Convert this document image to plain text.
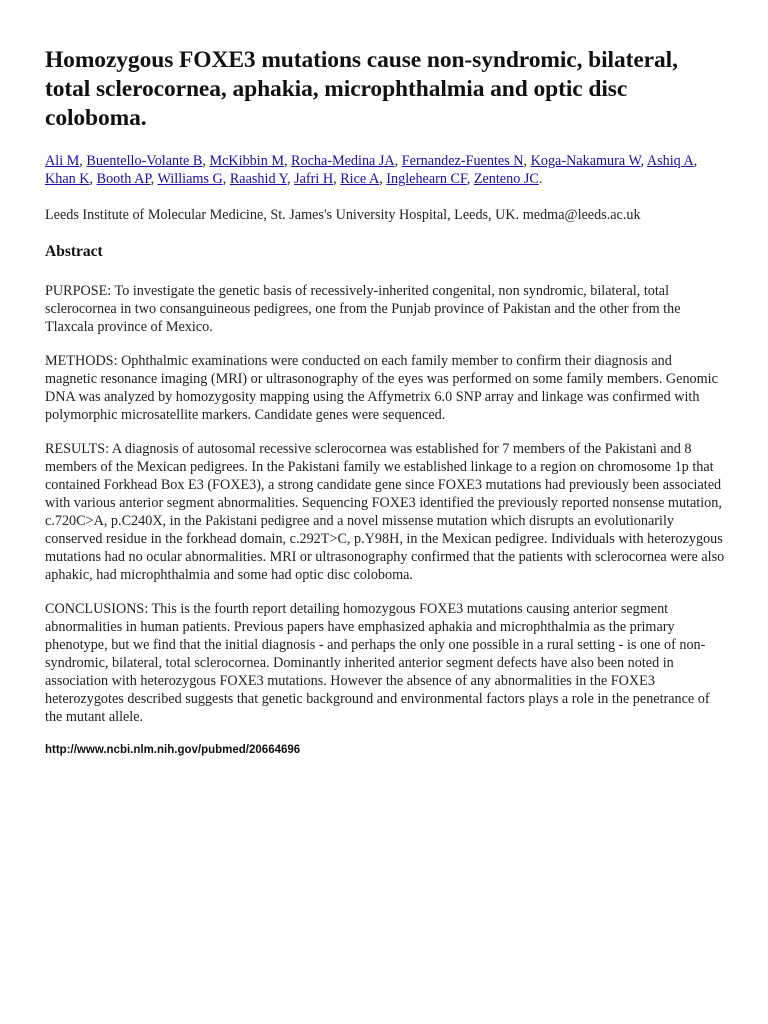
Homozygous FOXE3 mutations cause non-syndromic, bilateral, total sclerocornea, aphakia, microphthalmia and optic disc coloboma.
Ali M, Buentello-Volante B, McKibbin M, Rocha-Medina JA, Fernandez-Fuentes N, Koga-Nakamura W, Ashiq A, Khan K, Booth AP, Williams G, Raashid Y, Jafri H, Rice A, Inglehearn CF, Zenteno JC.
Leeds Institute of Molecular Medicine, St. James's University Hospital, Leeds, UK. medma@leeds.ac.uk
Abstract
PURPOSE: To investigate the genetic basis of recessively-inherited congenital, non syndromic, bilateral, total sclerocornea in two consanguineous pedigrees, one from the Punjab province of Pakistan and the other from the Tlaxcala province of Mexico.
METHODS: Ophthalmic examinations were conducted on each family member to confirm their diagnosis and magnetic resonance imaging (MRI) or ultrasonography of the eyes was performed on some family members. Genomic DNA was analyzed by homozygosity mapping using the Affymetrix 6.0 SNP array and linkage was confirmed with polymorphic microsatellite markers. Candidate genes were sequenced.
RESULTS: A diagnosis of autosomal recessive sclerocornea was established for 7 members of the Pakistani and 8 members of the Mexican pedigrees. In the Pakistani family we established linkage to a region on chromosome 1p that contained Forkhead Box E3 (FOXE3), a strong candidate gene since FOXE3 mutations had previously been associated with various anterior segment abnormalities. Sequencing FOXE3 identified the previously reported nonsense mutation, c.720C>A, p.C240X, in the Pakistani pedigree and a novel missense mutation which disrupts an evolutionarily conserved residue in the forkhead domain, c.292T>C, p.Y98H, in the Mexican pedigree. Individuals with heterozygous mutations had no ocular abnormalities. MRI or ultrasonography confirmed that the patients with sclerocornea were also aphakic, had microphthalmia and some had optic disc coloboma.
CONCLUSIONS: This is the fourth report detailing homozygous FOXE3 mutations causing anterior segment abnormalities in human patients. Previous papers have emphasized aphakia and microphthalmia as the primary phenotype, but we find that the initial diagnosis - and perhaps the only one possible in a rural setting - is one of non-syndromic, bilateral, total sclerocornea. Dominantly inherited anterior segment defects have also been noted in association with heterozygous FOXE3 mutations. However the absence of any abnormalities in the FOXE3 heterozygotes described suggests that genetic background and environmental factors plays a role in the penetrance of the mutant allele.
http://www.ncbi.nlm.nih.gov/pubmed/20664696
